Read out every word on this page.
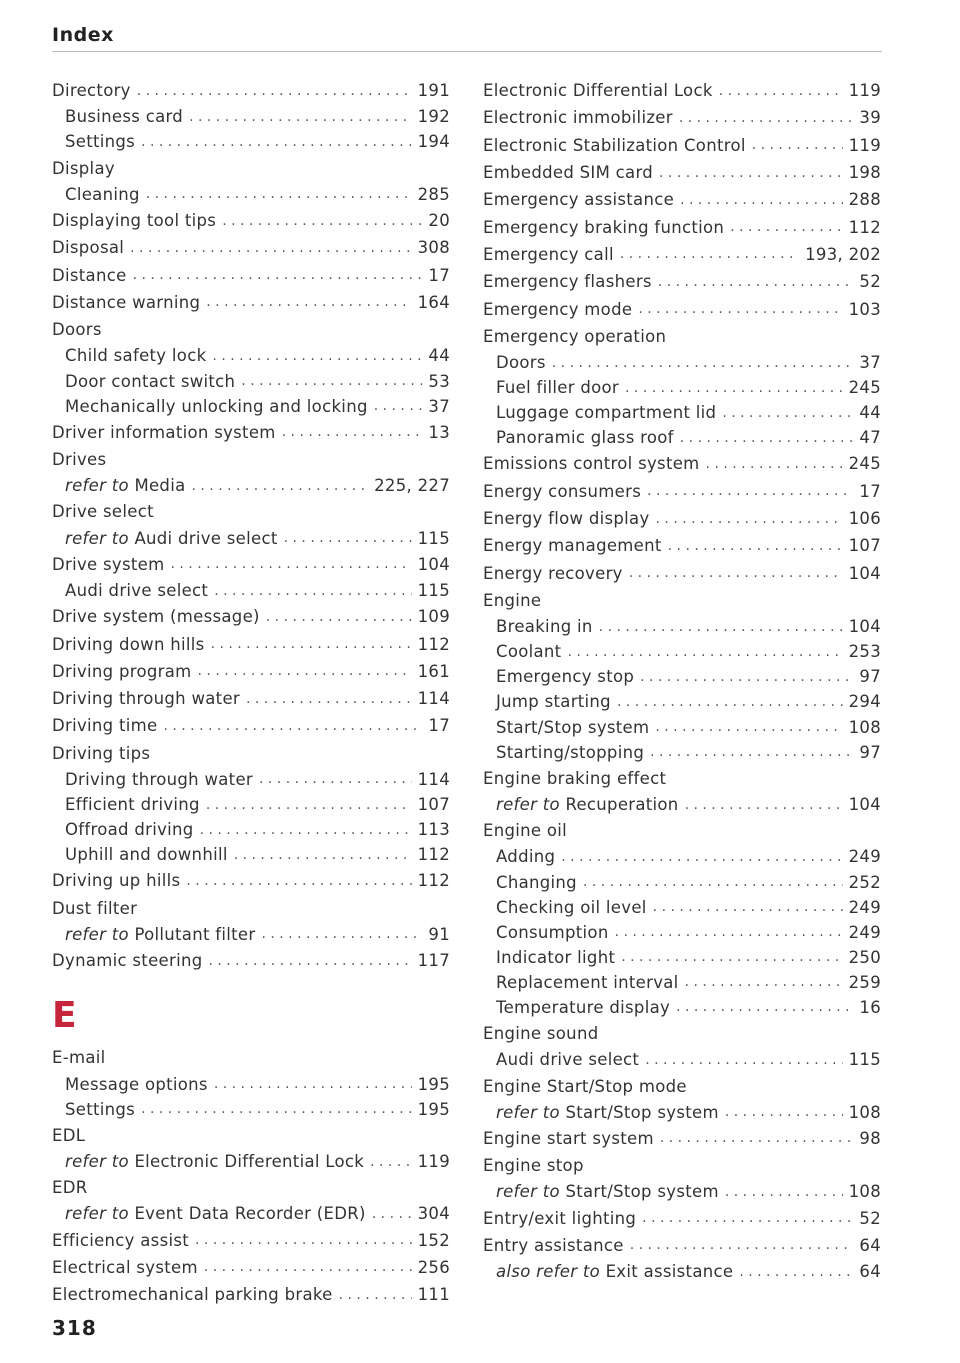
Index
Directory . . .	191
Business card . . .	192
Settings . . .	194
Display
Cleaning . . .	285
Displaying tool tips . . .	20
Disposal . . .	308
Distance . . .	17
Distance warning . . .	164
Doors
Child safety lock . . .	44
Door contact switch . . .	53
Mechanically unlocking and locking . . .	37
Driver information system . . .	13
Drives
refer to Media . . .	225, 227
Drive select
refer to Audi drive select . . .	115
Drive system . . .	104
Audi drive select . . .	115
Drive system (message) . . .	109
Driving down hills . . .	112
Driving program . . .	161
Driving through water . . .	114
Driving time . . .	17
Driving tips
Driving through water . . .	114
Efficient driving . . .	107
Offroad driving . . .	113
Uphill and downhill . . .	112
Driving up hills . . .	112
Dust filter
refer to Pollutant filter . . .	91
Dynamic steering . . .	117
E
E-mail
Message options . . .	195
Settings . . .	195
EDL
refer to Electronic Differential Lock . . .	119
EDR
refer to Event Data Recorder (EDR) . . .	304
Efficiency assist . . .	152
Electrical system . . .	256
Electromechanical parking brake . . .	111
Electronic Differential Lock . . .	119
Electronic immobilizer . . .	39
Electronic Stabilization Control . . .	119
Embedded SIM card . . .	198
Emergency assistance . . .	288
Emergency braking function . . .	112
Emergency call . . .	193, 202
Emergency flashers . . .	52
Emergency mode . . .	103
Emergency operation
Doors . . .	37
Fuel filler door . . .	245
Luggage compartment lid . . .	44
Panoramic glass roof . . .	47
Emissions control system . . .	245
Energy consumers . . .	17
Energy flow display . . .	106
Energy management . . .	107
Energy recovery . . .	104
Engine
Breaking in . . .	104
Coolant . . .	253
Emergency stop . . .	97
Jump starting . . .	294
Start/Stop system . . .	108
Starting/stopping . . .	97
Engine braking effect
refer to Recuperation . . .	104
Engine oil
Adding . . .	249
Changing . . .	252
Checking oil level . . .	249
Consumption . . .	249
Indicator light . . .	250
Replacement interval . . .	259
Temperature display . . .	16
Engine sound
Audi drive select . . .	115
Engine Start/Stop mode
refer to Start/Stop system . . .	108
Engine start system . . .	98
Engine stop
refer to Start/Stop system . . .	108
Entry/exit lighting . . .	52
Entry assistance . . .	64
also refer to Exit assistance . . .	64
318
